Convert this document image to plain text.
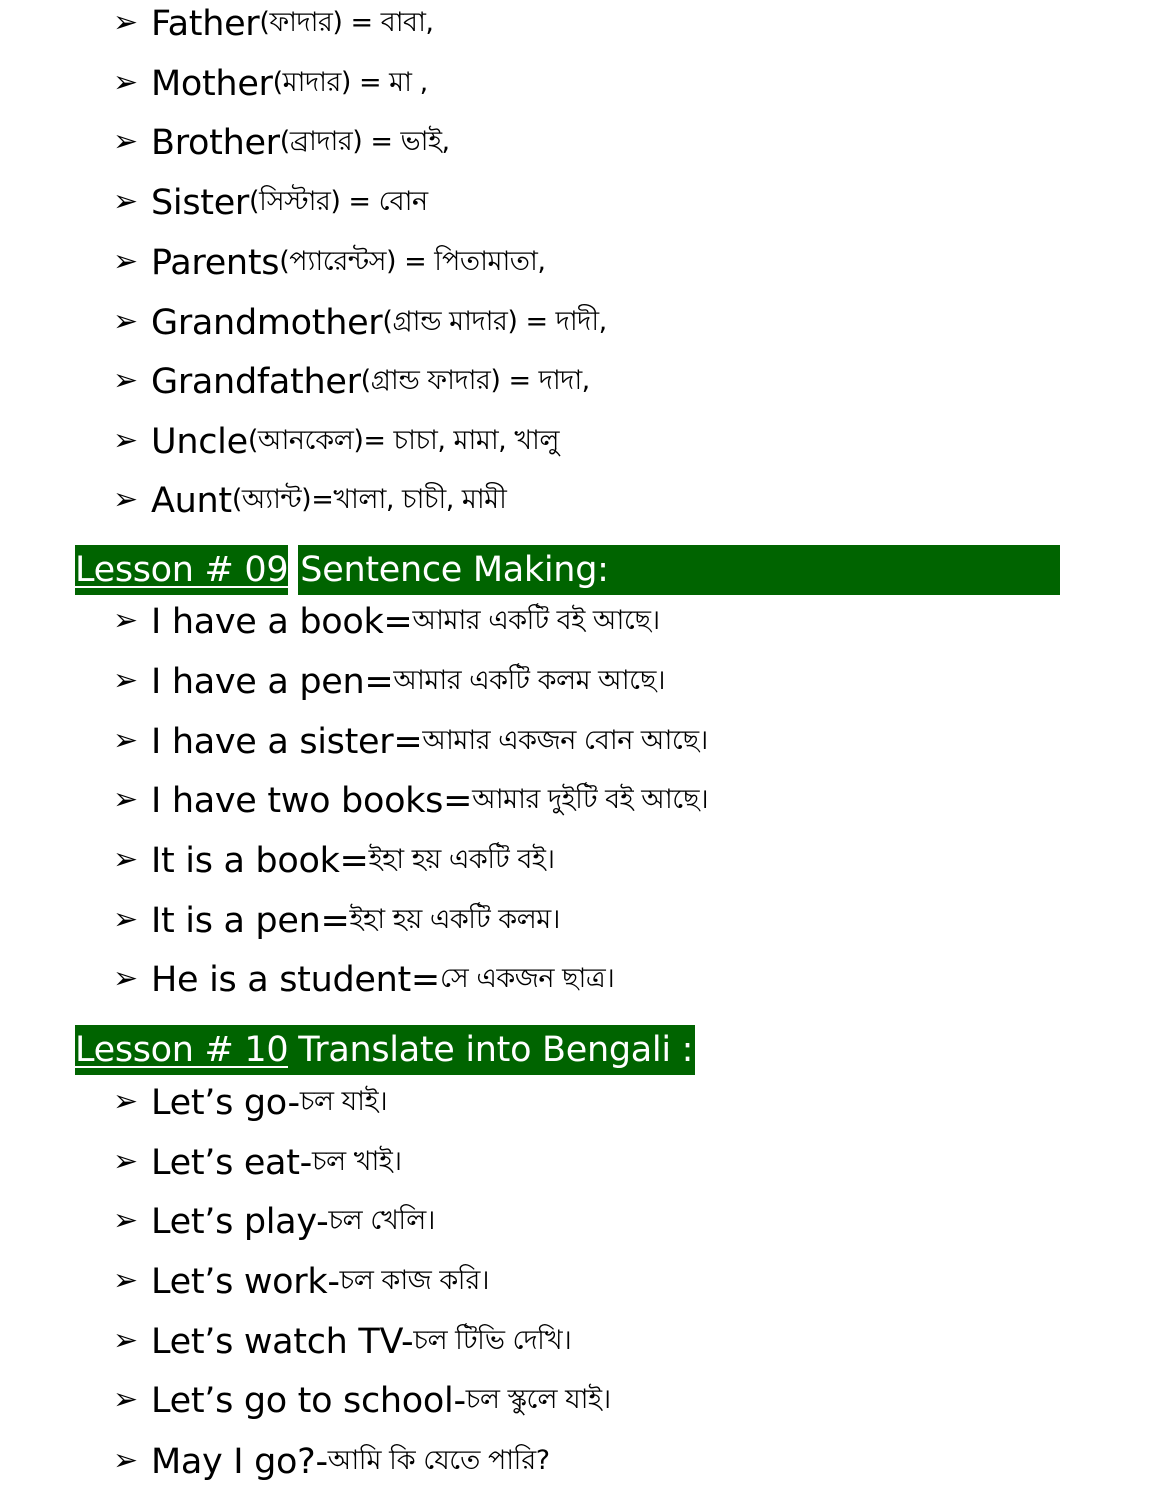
➢ Father (ফাদার) = বাবা,
➢ Mother (মাদার) = মা ,
➢ Brother (ব্রাদার) = ভাই,
➢ Sister (সিস্টার) = বোন
➢ Parents (প্যারেন্টস) = পিতামাতা,
➢ Grandmother (গ্রান্ড মাদার) = দাদী,
➢ Grandfather (গ্রান্ড ফাদার) = দাদা,
➢ Uncle (আনকেল)= চাচা, মামা, খালু
➢ Aunt (অ্যান্ট)=খালা, চাচী, মামী
Lesson # 09 Sentence Making:
➢ I have a book= আমার একটি বই আছে।
➢ I have a pen= আমার একটি কলম আছে।
➢ I have a sister= আমার একজন বোন আছে।
➢ I have two books= আমার দুইটি বই আছে।
➢ It is a book= ইহা হয় একটি বই।
➢ It is a pen= ইহা হয় একটি কলম।
➢ He is a student= সে একজন ছাত্র।
Lesson # 10 Translate into Bengali :
➢ Let’s go- চল যাই।
➢ Let’s eat- চল খাই।
➢ Let’s play- চল খেলি।
➢ Let’s work- চল কাজ করি।
➢ Let’s watch TV- চল টিভি দেখি।
➢ Let’s go to school- চল স্কুলে যাই।
➢ May I go?- আমি কি যেতে পারি?
